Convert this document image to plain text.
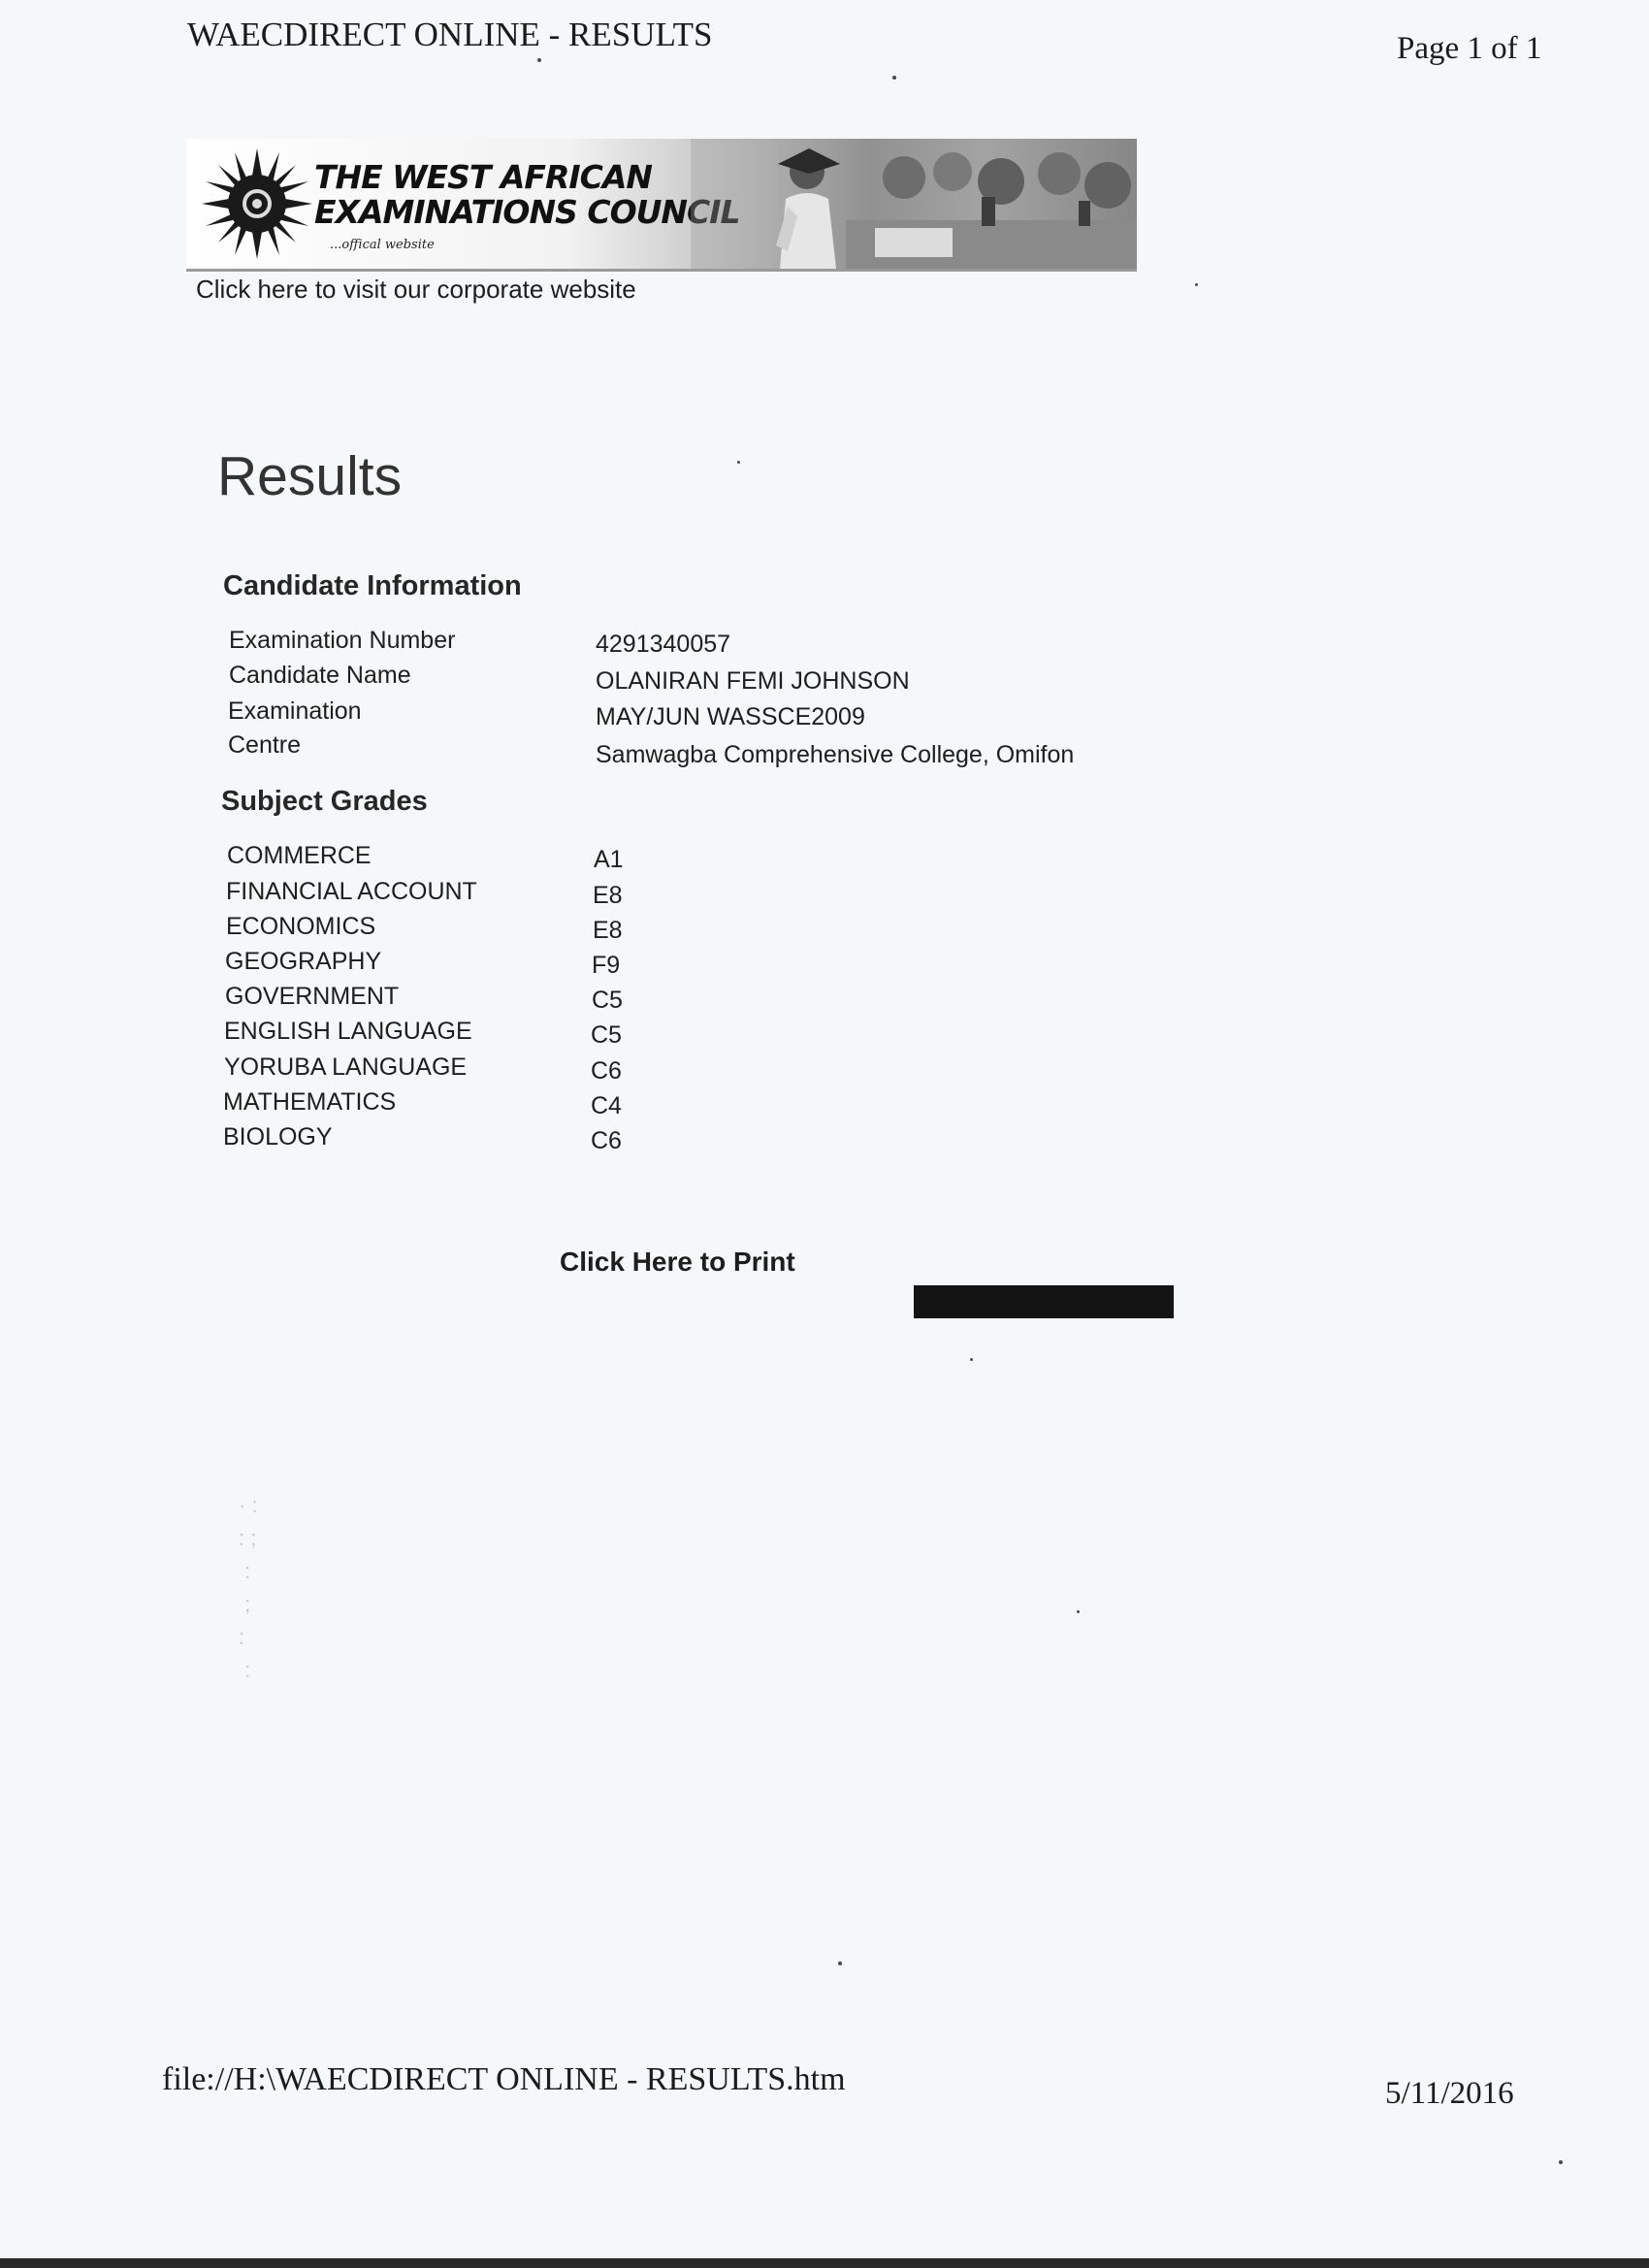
WAECDIRECT ONLINE - RESULTS	Page 1 of 1
THE WEST AFRICAN
EXAMINATIONS COUNCIL
...offical website
Click here to visit our corporate website
Results
Candidate Information
Examination Number	4291340057
Candidate Name	OLANIRAN FEMI JOHNSON
Examination	MAY/JUN WASSCE2009
Centre	Samwagba Comprehensive College, Omifon
Subject Grades
COMMERCE	A1
FINANCIAL ACCOUNT	E8
ECONOMICS	E8
GEOGRAPHY	F9
GOVERNMENT	C5
ENGLISH LANGUAGE	C5
YORUBA LANGUAGE	C6
MATHEMATICS	C4
BIOLOGY	C6
Click Here to Print
· :
: ;
:
;
:
:
file://H:\WAECDIRECT ONLINE - RESULTS.htm	5/11/2016
